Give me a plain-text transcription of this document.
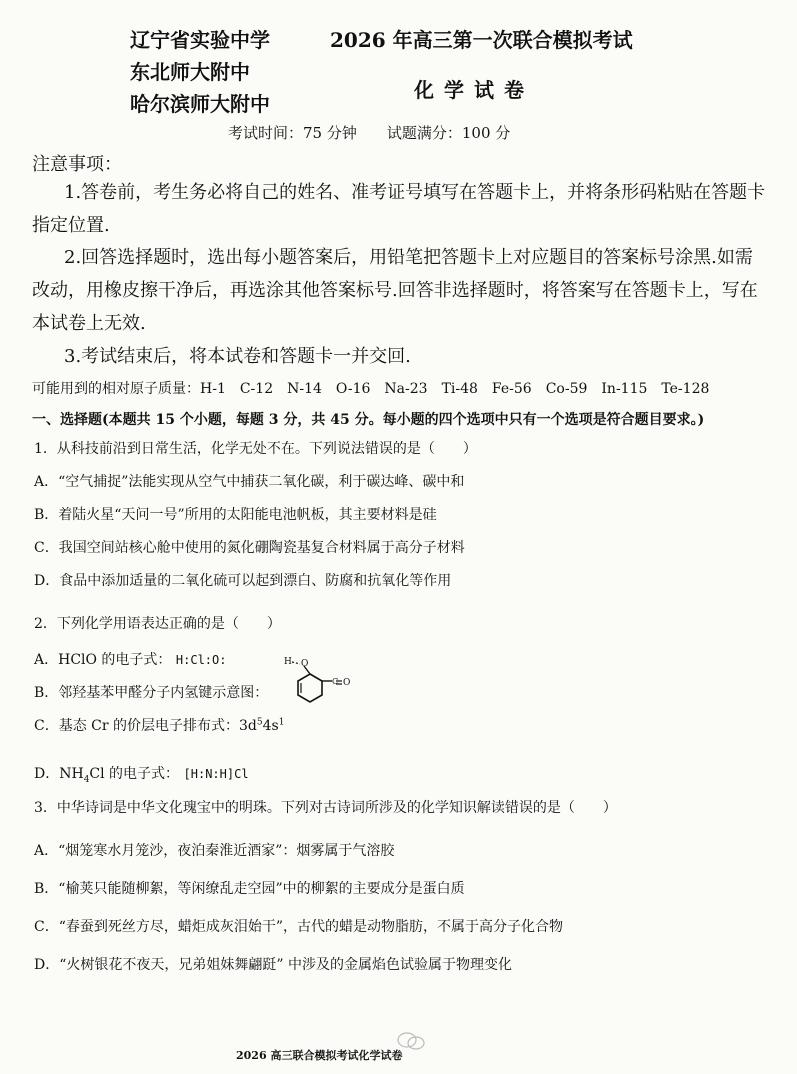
辽宁省实验中学
东北师大附中
哈尔滨师大附中
2026 年高三第一次联合模拟考试
化学试卷
考试时间：75 分钟 试题满分：100 分
注意事项：
1.答卷前，考生务必将自己的姓名、准考证号填写在答题卡上，并将条形码粘贴在答题卡指定位置.
2.回答选择题时，选出每小题答案后，用铅笔把答题卡上对应题目的答案标号涂黑.如需改动，用橡皮擦干净后，再选涂其他答案标号.回答非选择题时，将答案写在答题卡上，写在本试卷上无效.
3.考试结束后，将本试卷和答题卡一并交回.
可能用到的相对原子质量：H-1　C-12　N-14　O-16　Na-23　Ti-48　Fe-56　Co-59　In-115　Te-128
一、选择题(本题共 15 个小题，每题 3 分，共 45 分。每小题的四个选项中只有一个选项是符合题目要求。)
1．从科技前沿到日常生活，化学无处不在。下列说法错误的是（　　）
A．“空气捕捉”法能实现从空气中捕获二氧化碳，利于碳达峰、碳中和
B．着陆火星“天问一号”所用的太阳能电池帆板，其主要材料是硅
C．我国空间站核心舱中使用的氮化硼陶瓷基复合材料属于高分子材料
D．食品中添加适量的二氧化硫可以起到漂白、防腐和抗氧化等作用
2．下列化学用语表达正确的是（　　）
A．HClO 的电子式： H:Cl:O:
B．邻羟基苯甲醛分子内氢键示意图：
H O
C O
C．基态 Cr 的价层电子排布式：$3d^54s^1$
D．$NH_4Cl$ 的电子式： [H:N:H]Cl
3．中华诗词是中华文化瑰宝中的明珠。下列对古诗词所涉及的化学知识解读错误的是（　　）
A．“烟笼寒水月笼沙，夜泊秦淮近酒家”：烟雾属于气溶胶
B．“榆荚只能随柳絮，等闲缭乱走空园”中的柳絮的主要成分是蛋白质
C．“春蚕到死丝方尽，蜡炬成灰泪始干”，古代的蜡是动物脂肪，不属于高分子化合物
D．“火树银花不夜天，兄弟姐妹舞翩跹” 中涉及的金属焰色试验属于物理变化
2026 高三联合模拟考试化学试卷
